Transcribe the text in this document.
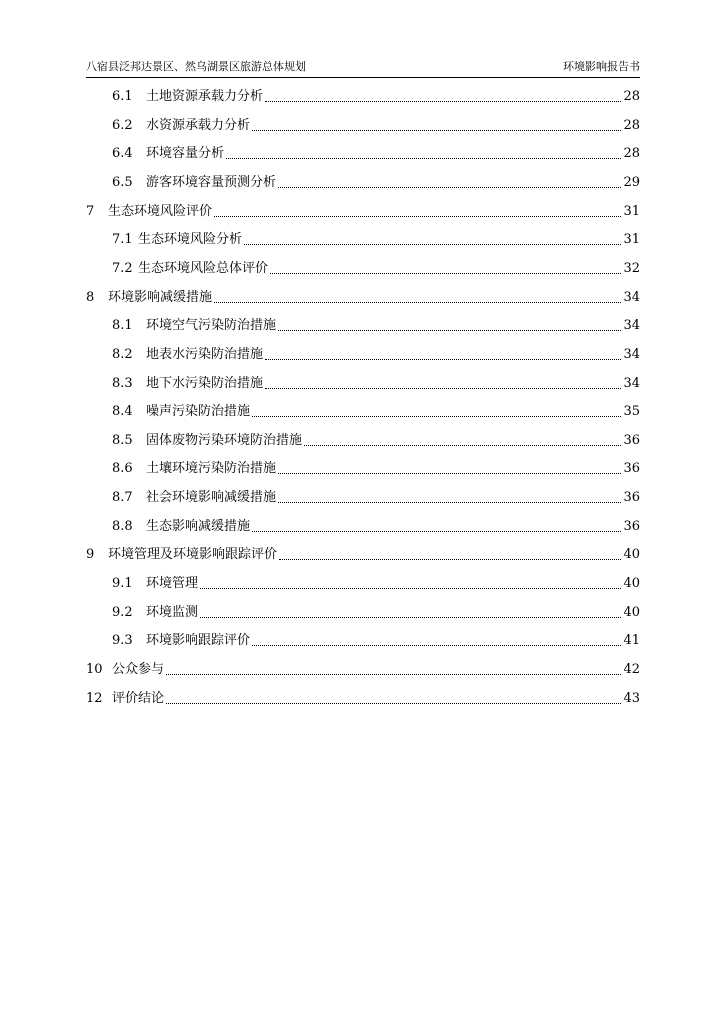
八宿县泛邦达景区、然乌湖景区旅游总体规划	环境影响报告书
6.1	土地资源承载力分析	28
6.2	水资源承载力分析	28
6.4	环境容量分析	28
6.5	游客环境容量预测分析	29
7	生态环境风险评价	31
7.1 生态环境风险分析	31
7.2 生态环境风险总体评价	32
8	环境影响减缓措施	34
8.1	环境空气污染防治措施	34
8.2	地表水污染防治措施	34
8.3	地下水污染防治措施	34
8.4	噪声污染防治措施	35
8.5	固体废物污染环境防治措施	36
8.6	土壤环境污染防治措施	36
8.7	社会环境影响减缓措施	36
8.8	生态影响减缓措施	36
9	环境管理及环境影响跟踪评价	40
9.1	环境管理	40
9.2	环境监测	40
9.3	环境影响跟踪评价	41
10 公众参与	42
12 评价结论	43
